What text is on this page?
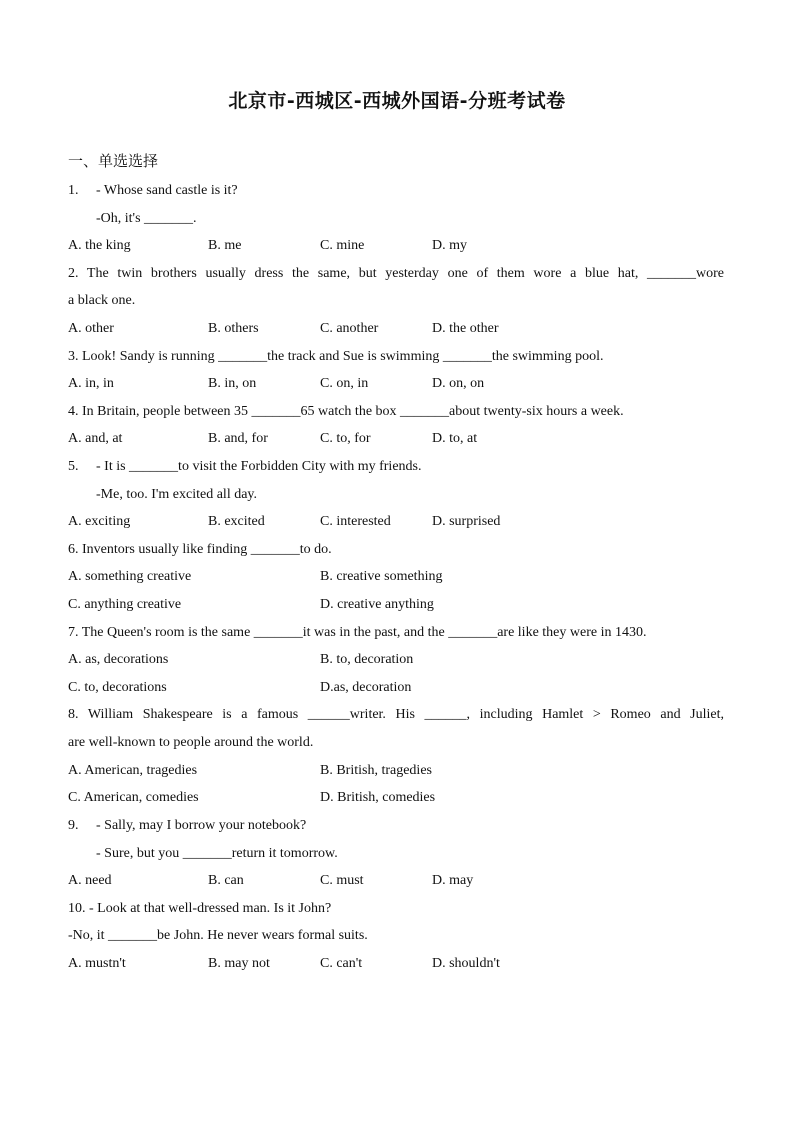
北京市-西城区-西城外国语-分班考试卷
一、单选选择
1. - Whose sand castle is it?
-Oh, it's _______.
A. the king	B. me	C. mine	D. my
2. The twin brothers usually dress the same, but yesterday one of them wore a blue hat, _______wore
a black one.
A. other	B. others	C. another	D. the other
3. Look! Sandy is running _______the track and Sue is swimming _______the swimming pool.
A. in, in	B. in, on	C. on, in	D. on, on
4. In Britain, people between 35 _______65 watch the box _______about twenty-six hours a week.
A. and, at	B. and, for	C. to, for	D. to, at
5. - It is _______to visit the Forbidden City with my friends.
-Me, too. I'm excited all day.
A. exciting	B. excited	C. interested	D. surprised
6. Inventors usually like finding _______to do.
A. something creative	B. creative something
C. anything creative	D. creative anything
7. The Queen's room is the same _______it was in the past, and the _______are like they were in 1430.
A. as, decorations	B. to, decoration
C. to, decorations	D.as, decoration
8. William Shakespeare is a famous ______writer. His ______, including Hamlet > Romeo and Juliet,
are well-known to people around the world.
A. American, tragedies	B. British, tragedies
C. American, comedies	D. British, comedies
9. - Sally, may I borrow your notebook?
- Sure, but you _______return it tomorrow.
A. need	B. can	C. must	D. may
10. - Look at that well-dressed man. Is it John?
-No, it _______be John. He never wears formal suits.
A. mustn't	B. may not	C. can't	D. shouldn't
